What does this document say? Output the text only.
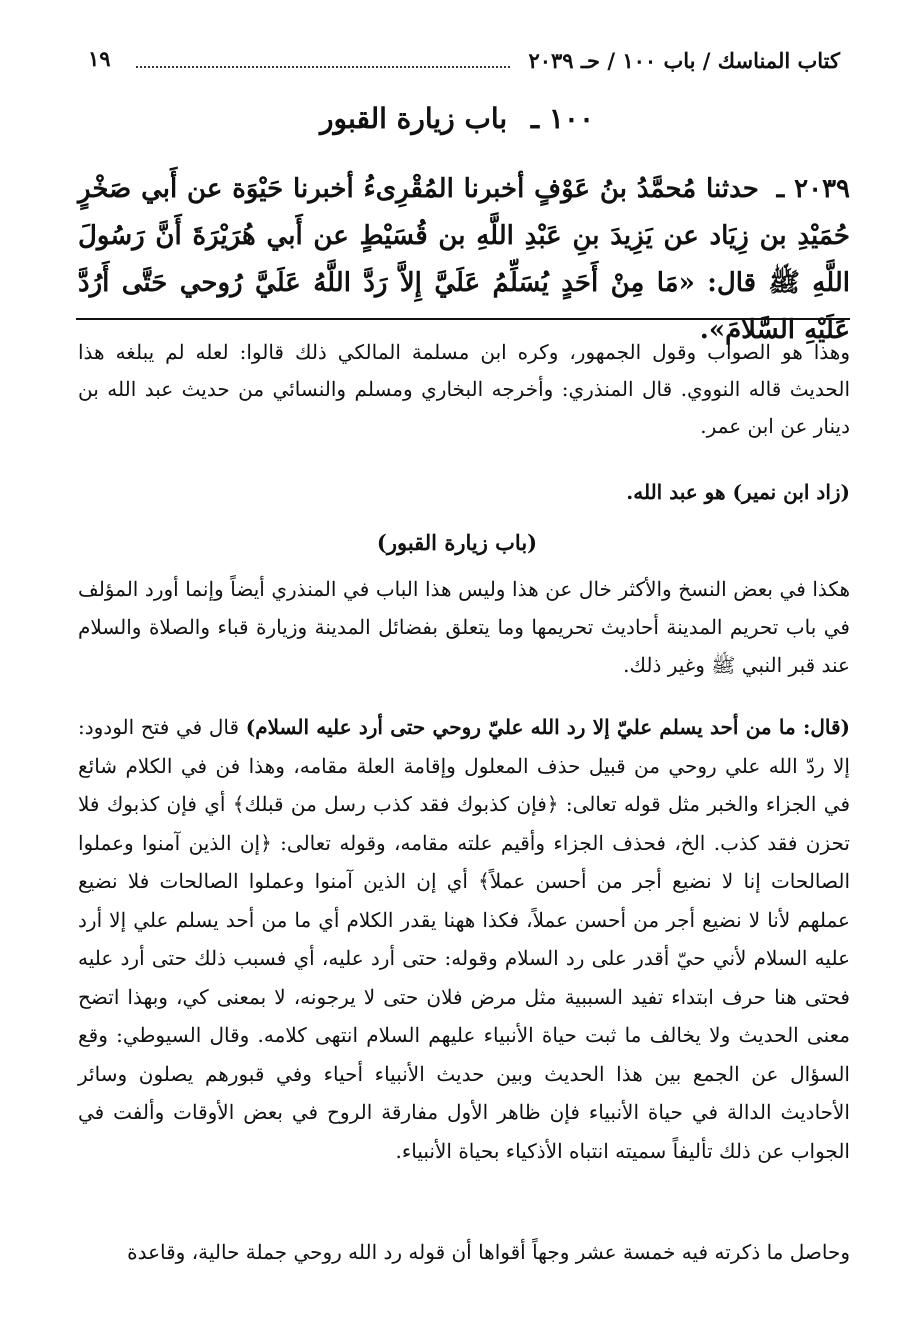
كتاب المناسك / باب ١٠٠ / حـ ٢٠٣٩
١٩
١٠٠ ـ باب زيارة القبور
٢٠٣٩ ـ حدثنا مُحمَّدُ بنُ عَوْفٍ أخبرنا المُقْرِىءُ أخبرنا حَيْوَة عن أَبي صَخْرٍ حُمَيْدِ بن زِيَاد عن يَزِيدَ بنِ عَبْدِ اللَّهِ بن قُسَيْطٍ عن أَبي هُرَيْرَةَ أَنَّ رَسُولَ اللَّهِ ﷺ قال: «مَا مِنْ أَحَدٍ يُسَلِّمُ عَلَيَّ إِلاَّ رَدَّ اللَّهُ عَلَيَّ رُوحي حَتَّى أَرُدَّ عَلَيْهِ السَّلامَ».
وهذا هو الصواب وقول الجمهور، وكره ابن مسلمة المالكي ذلك قالوا: لعله لم يبلغه هذا الحديث قاله النووي. قال المنذري: وأخرجه البخاري ومسلم والنسائي من حديث عبد الله بن دينار عن ابن عمر.
(زاد ابن نمير) هو عبد الله.
(باب زيارة القبور)
هكذا في بعض النسخ والأكثر خال عن هذا وليس هذا الباب في المنذري أيضاً وإنما أورد المؤلف في باب تحريم المدينة أحاديث تحريمها وما يتعلق بفضائل المدينة وزيارة قباء والصلاة والسلام عند قبر النبي ﷺ وغير ذلك.
(قال: ما من أحد يسلم عليّ إلا رد الله عليّ روحي حتى أرد عليه السلام) قال في فتح الودود: إلا ردّ الله علي روحي من قبيل حذف المعلول وإقامة العلة مقامه، وهذا فن في الكلام شائع في الجزاء والخبر مثل قوله تعالى: ﴿فإن كذبوك فقد كذب رسل من قبلك﴾ أي فإن كذبوك فلا تحزن فقد كذب. الخ، فحذف الجزاء وأقيم علته مقامه، وقوله تعالى: ﴿إن الذين آمنوا وعملوا الصالحات إنا لا نضيع أجر من أحسن عملاً﴾ أي إن الذين آمنوا وعملوا الصالحات فلا نضيع عملهم لأنا لا نضيع أجر من أحسن عملاً، فكذا ههنا يقدر الكلام أي ما من أحد يسلم علي إلا أرد عليه السلام لأني حيّ أقدر على رد السلام وقوله: حتى أرد عليه، أي فسبب ذلك حتى أرد عليه فحتى هنا حرف ابتداء تفيد السببية مثل مرض فلان حتى لا يرجونه، لا بمعنى كي، وبهذا اتضح معنى الحديث ولا يخالف ما ثبت حياة الأنبياء عليهم السلام انتهى كلامه. وقال السيوطي: وقع السؤال عن الجمع بين هذا الحديث وبين حديث الأنبياء أحياء وفي قبورهم يصلون وسائر الأحاديث الدالة في حياة الأنبياء فإن ظاهر الأول مفارقة الروح في بعض الأوقات وألفت في الجواب عن ذلك تأليفاً سميته انتباه الأذكياء بحياة الأنبياء.
وحاصل ما ذكرته فيه خمسة عشر وجهاً أقواها أن قوله رد الله روحي جملة حالية، وقاعدة
